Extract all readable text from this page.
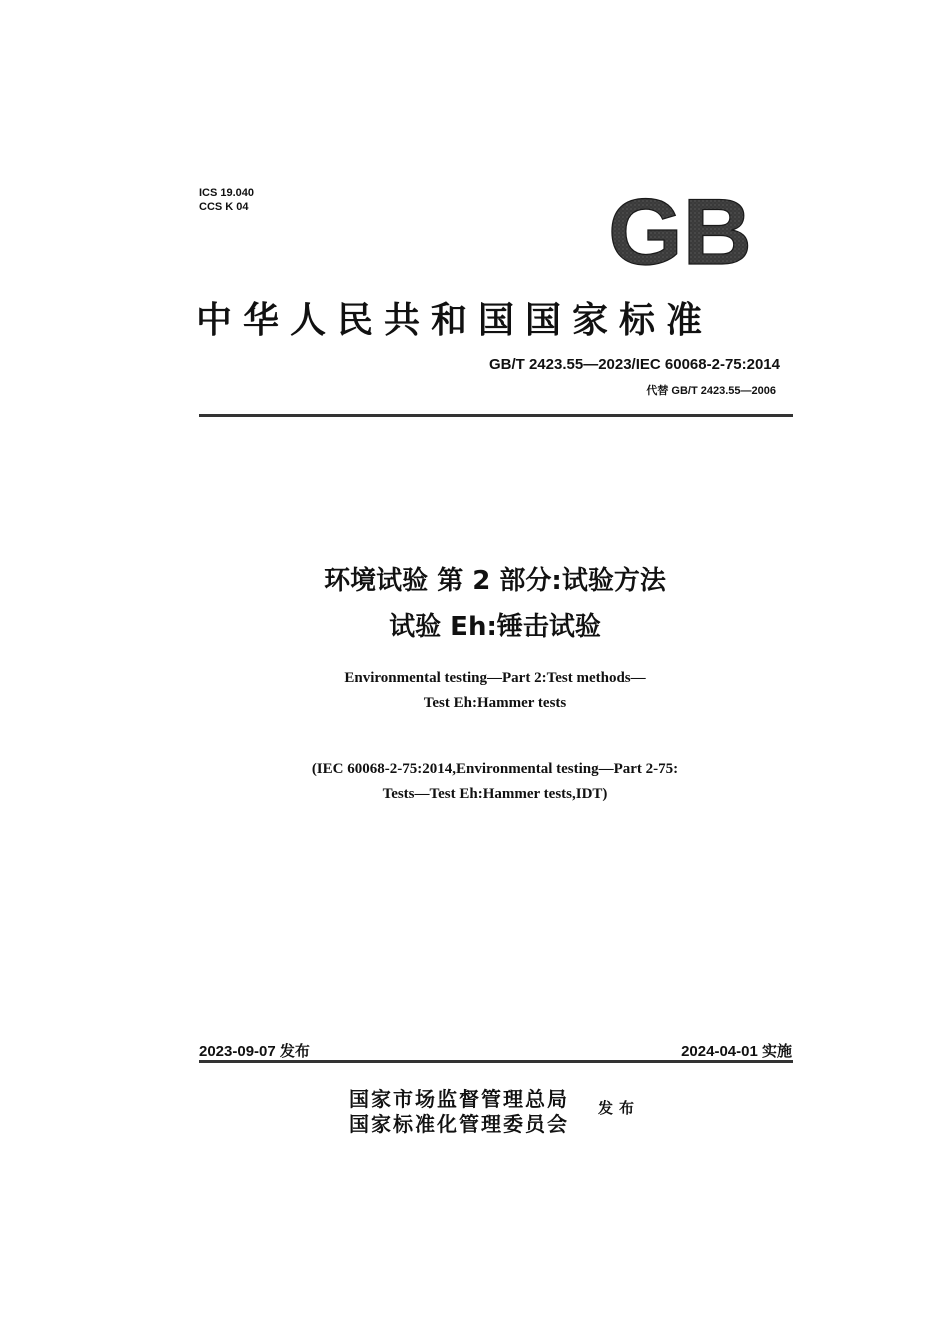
ICS 19.040
CCS K 04	GB
中华人民共和国国家标准
GB/T 2423.55—2023/IEC 60068-2-75:2014
代替 GB/T 2423.55—2006
环境试验 第 2 部分:试验方法
试验 Eh:锤击试验
Environmental testing—Part 2:Test methods—
Test Eh:Hammer tests
(IEC 60068-2-75:2014,Environmental testing—Part 2-75:
Tests—Test Eh:Hammer tests,IDT)
2023-09-07 发布	2024-04-01 实施
国家市场监督管理总局
国家标准化管理委员会
发布
